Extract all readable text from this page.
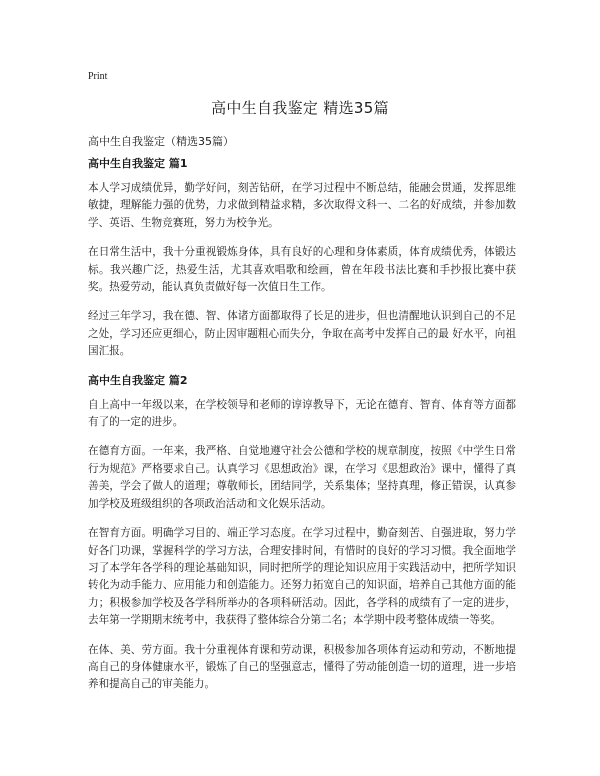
Print
高中生自我鉴定 精选35篇
高中生自我鉴定（精选35篇）
高中生自我鉴定 篇1

本人学习成绩优异，勤学好问，刻苦钻研，在学习过程中不断总结，能融会贯通，发挥思维敏捷，理解能力强的优势，力求做到精益求精，多次取得文科一、二名的好成绩，并参加数学、英语、生物竞赛班，努力为校争光。

在日常生活中，我十分重视锻炼身体，具有良好的心理和身体素质，体育成绩优秀，体锻达标。我兴趣广泛，热爱生活，尤其喜欢唱歌和绘画，曾在年段书法比赛和手抄报比赛中获奖。热爱劳动，能认真负责做好每一次值日生工作。

经过三年学习，我在德、智、体诸方面都取得了长足的进步，但也清醒地认识到自己的不足之处，学习还应更细心，防止因审题粗心而失分，争取在高考中发挥自己的最 好水平，向祖国汇报。

高中生自我鉴定 篇2

自上高中一年级以来，在学校领导和老师的谆谆教导下，无论在德育、智育、体育等方面都有了的一定的进步。

在德育方面。一年来，我严格、自觉地遵守社会公德和学校的规章制度，按照《中学生日常行为规范》严格要求自己。认真学习《思想政治》课，在学习《思想政治》课中，懂得了真善美，学会了做人的道理；尊敬师长，团结同学，关系集体；坚持真理，修正错误，认真参加学校及班级组织的各项政治活动和文化娱乐活动。

在智育方面。明确学习目的、端正学习态度。在学习过程中，勤奋刻苦、自强进取，努力学好各门功课，掌握科学的学习方法，合理安排时间，有惜时的良好的学习习惯。我全面地学习了本学年各学科的理论基础知识，同时把所学的理论知识应用于实践活动中，把所学知识转化为动手能力、应用能力和创造能力。还努力拓宽自己的知识面，培养自己其他方面的能力；积极参加学校及各学科所举办的各项科研活动。因此，各学科的成绩有了一定的进步，去年第一学期期末统考中，我获得了整体综合分第二名；本学期中段考整体成绩一等奖。

在体、美、劳方面。我十分重视体育课和劳动课，积极参加各项体育运动和劳动，不断地提高自己的身体健康水平，锻炼了自己的坚强意志，懂得了劳动能创造一切的道理，进一步培养和提高自己的审美能力。
